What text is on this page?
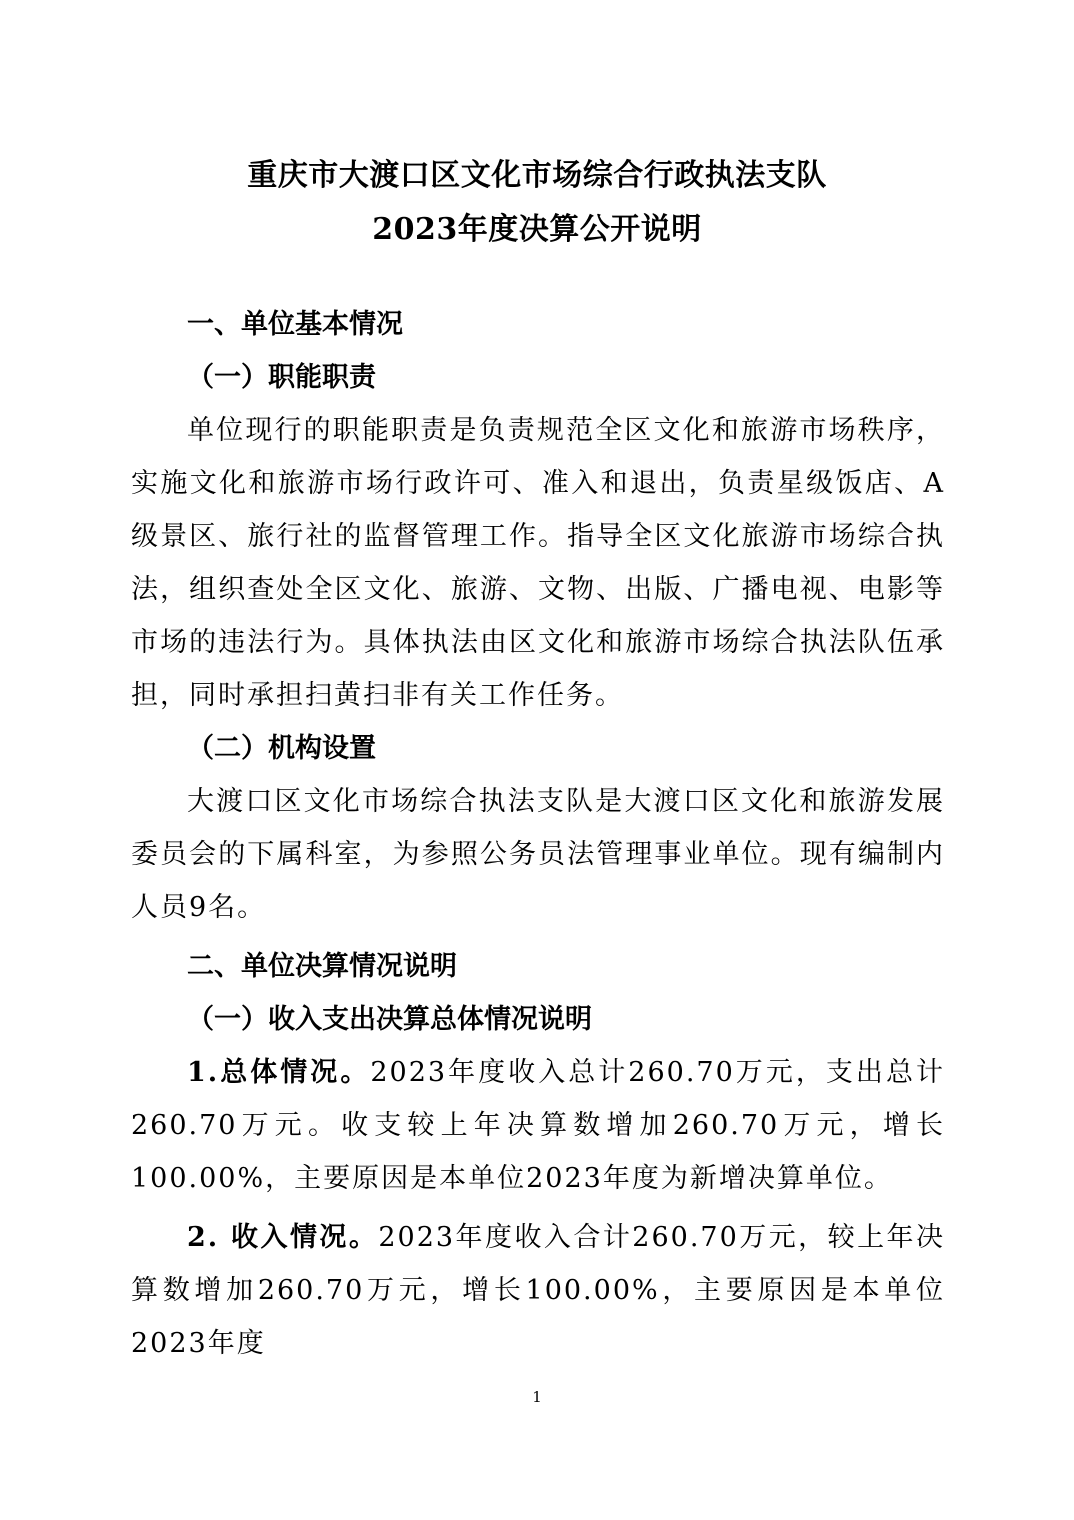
重庆市大渡口区文化市场综合行政执法支队
2023年度决算公开说明
一、单位基本情况
（一）职能职责
单位现行的职能职责是负责规范全区文化和旅游市场秩序，实施文化和旅游市场行政许可、准入和退出，负责星级饭店、A级景区、旅行社的监督管理工作。指导全区文化旅游市场综合执法，组织查处全区文化、旅游、文物、出版、广播电视、电影等市场的违法行为。具体执法由区文化和旅游市场综合执法队伍承担，同时承担扫黄扫非有关工作任务。
（二）机构设置
大渡口区文化市场综合执法支队是大渡口区文化和旅游发展委员会的下属科室，为参照公务员法管理事业单位。现有编制内人员9名。
二、单位决算情况说明
（一）收入支出决算总体情况说明
1.总体情况。2023年度收入总计260.70万元，支出总计260.70万元。收支较上年决算数增加260.70万元，增长100.00%，主要原因是本单位2023年度为新增决算单位。
2. 收入情况。2023年度收入合计260.70万元，较上年决算数增加260.70万元，增长100.00%，主要原因是本单位2023年度
1
